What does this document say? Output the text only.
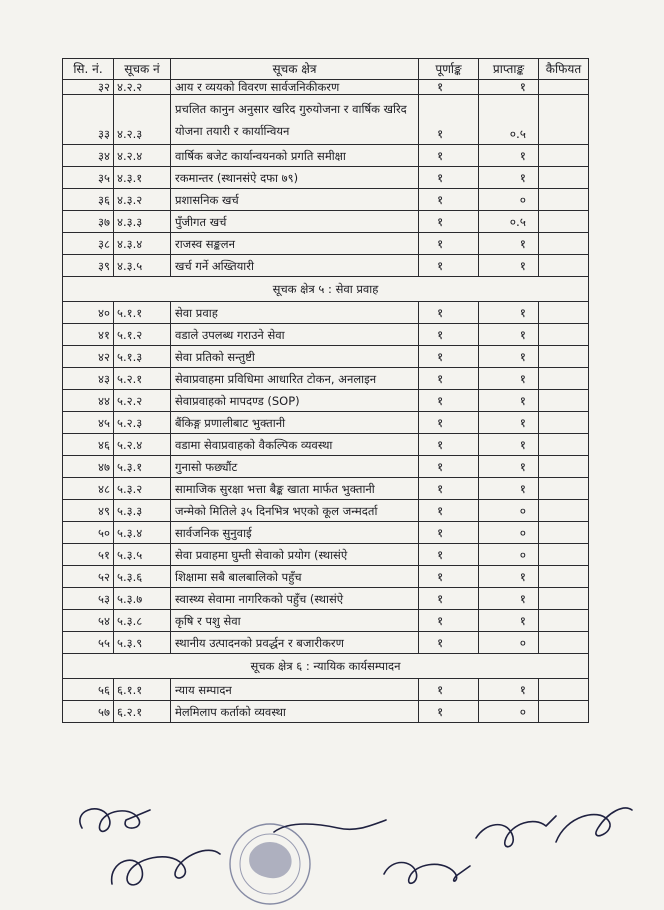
सि. नं.	सूचक नं	सूचक क्षेत्र	पूर्णाङ्क	प्राप्ताङ्क	कैफियत
३२	४.२.२	आय र व्ययको विवरण सार्वजनिकीकरण	१	१	
३३	४.२.३	प्रचलित कानुन अनुसार खरिद गुरुयोजना र वार्षिक खरिद योजना तयारी र कार्यान्वियन	१	०.५	
३४	४.२.४	वार्षिक बजेट कार्यान्वयनको प्रगति समीक्षा	१	१	
३५	४.३.१	रकमान्तर (स्थानसंऐ दफा ७९)	१	१	
३६	४.३.२	प्रशासनिक खर्च	१	०	
३७	४.३.३	पुँजीगत खर्च	१	०.५	
३८	४.३.४	राजस्व सङ्कलन	१	१	
३९	४.३.५	खर्च गर्ने अख्तियारी	१	१	
सूचक क्षेत्र ५ : सेवा प्रवाह					
४०	५.१.१	सेवा प्रवाह	१	१	
४१	५.१.२	वडाले उपलब्ध गराउने सेवा	१	१	
४२	५.१.३	सेवा प्रतिको सन्तुष्टी	१	१	
४३	५.२.१	सेवाप्रवाहमा प्रविधिमा आधारित टोकन, अनलाइन	१	१	
४४	५.२.२	सेवाप्रवाहको मापदण्ड (SOP)	१	१	
४५	५.२.३	बैंकिङ्ग प्रणालीबाट भुक्तानी	१	१	
४६	५.२.४	वडामा सेवाप्रवाहको वैकल्पिक व्यवस्था	१	१	
४७	५.३.१	गुनासो फछ्यौंट	१	१	
४८	५.३.२	सामाजिक सुरक्षा भत्ता बैङ्क खाता मार्फत भुक्तानी	१	१	
४९	५.३.३	जन्मेको मितिले ३५ दिनभित्र भएको कूल जन्मदर्ता	१	०	
५०	५.३.४	सार्वजनिक सुनुवाई	१	०	
५१	५.३.५	सेवा प्रवाहमा घुम्ती सेवाको प्रयोग (स्थासंऐ	१	०	
५२	५.३.६	शिक्षामा सबै बालबालिको पहुँच	१	१	
५३	५.३.७	स्वास्थ्य सेवामा नागरिकको पहुँच (स्थासंऐ	१	१	
५४	५.३.८	कृषि र पशु सेवा	१	१	
५५	५.३.९	स्थानीय उत्पादनको प्रवर्द्धन र बजारीकरण	१	०	
सूचक क्षेत्र ६ : न्यायिक कार्यसम्पादन					
५६	६.१.१	न्याय सम्पादन	१	१	
५७	६.२.१	मेलमिलाप कर्ताको व्यवस्था	१	०	
